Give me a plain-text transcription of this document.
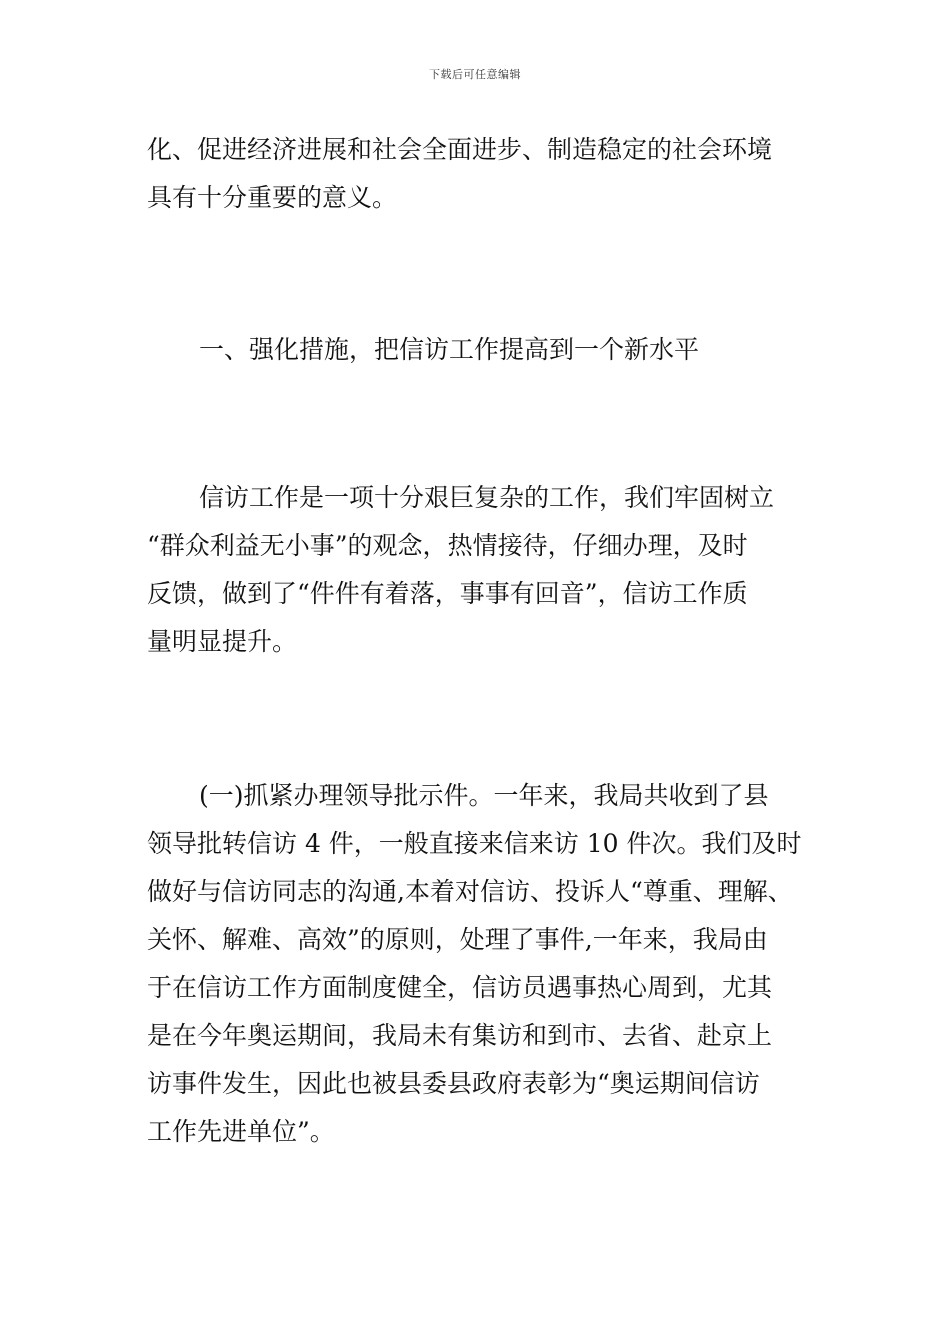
下载后可任意编辑
化、促进经济进展和社会全面进步、制造稳定的社会环境
具有十分重要的意义。
一、强化措施，把信访工作提高到一个新水平
信访工作是一项十分艰巨复杂的工作，我们牢固树立
“群众利益无小事”的观念，热情接待，仔细办理，及时
反馈，做到了“件件有着落，事事有回音”，信访工作质
量明显提升。
(一)抓紧办理领导批示件。一年来，我局共收到了县
领导批转信访 4 件，一般直接来信来访 10 件次。我们及时
做好与信访同志的沟通,本着对信访、投诉人“尊重、理解、
关怀、解难、高效”的原则，处理了事件,一年来，我局由
于在信访工作方面制度健全，信访员遇事热心周到，尤其
是在今年奥运期间，我局未有集访和到市、去省、赴京上
访事件发生，因此也被县委县政府表彰为“奥运期间信访
工作先进单位”。
